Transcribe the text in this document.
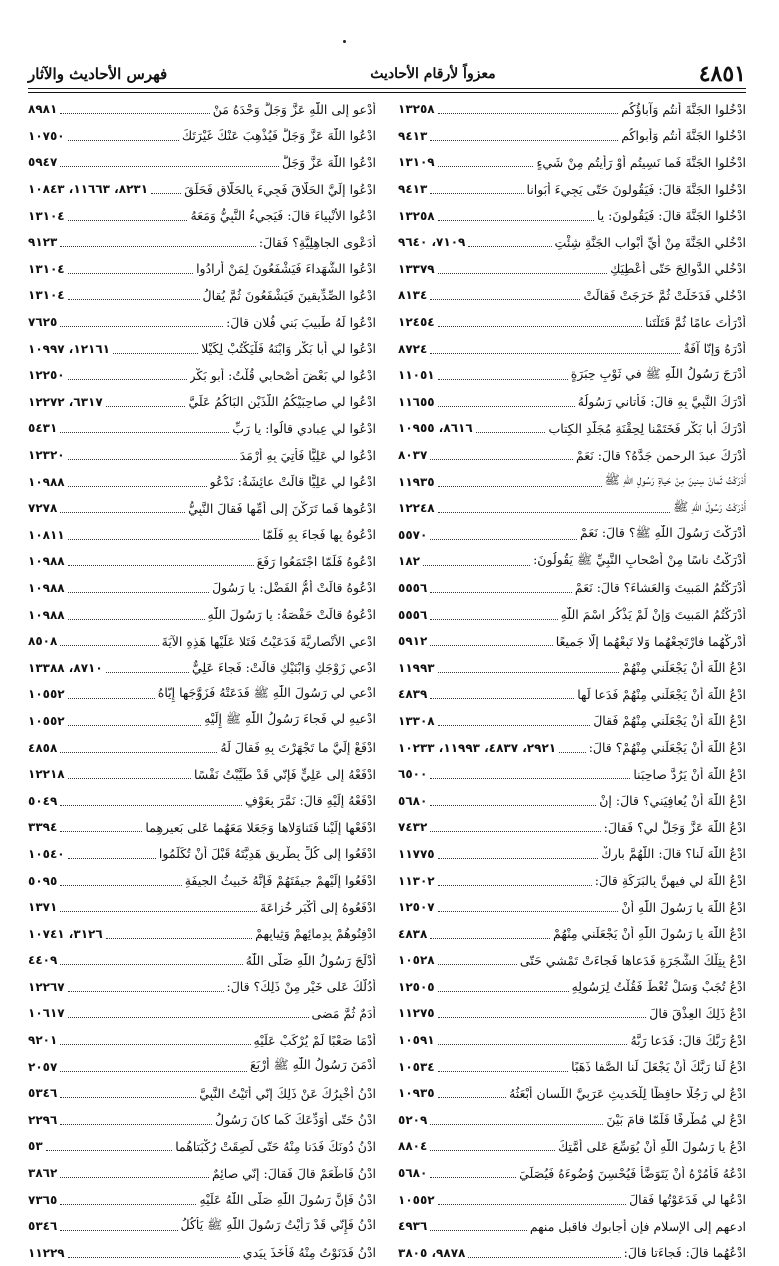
٤٨٥١
معزواً لأرقام الأحاديث
فهرس الأحاديث والآثار
ادْخُلوا الجَنَّةَ أَنتُم وَآباؤُكُم
١٣٢٥٨
ادْخُلوا الجَنَّةَ أَنتُم وَأَبواكُم
٩٤١٣
ادْخُلوا الجَنَّةَ فَما نَسِيتُم أَوْ رَأَيتُم مِنْ شَيءٍ
١٣١٠٩
ادْخُلوا الجَنَّةَ قالَ: فَيَقُولونَ حَتّى يَجِيءَ أَبَوانا
٩٤١٣
ادْخُلوا الجَنَّةَ قالَ: فَيَقُولونَ: يا
١٣٢٥٨
ادْخُلي الجَنَّةَ مِنْ أَيِّ أَبْوابِ الجَنَّةِ شِئْتِ
٧١٠٩، ٩٦٤٠
ادْخُلي الدَّوالِجَ حَتّى أُعْطِيَكِ
١٣٣٧٩
ادْخُلي فَدَخَلَتْ ثُمَّ خَرَجَتْ فَقالَتْ
٨١٣٤
أَدْرَأْتَ عامًا ثُمَّ قَتَلْتَنا
١٢٤٥٤
أَدْرَهُ وَإِنّا آفَةٌ
٨٧٢٤
أَدْرَجَ رَسُولُ اللّٰهِ ﷺ في ثَوْبِ حِبَرَةٍ
١١٠٥١
أَدْرَكَ النَّبِيَّ بِهِ قالَ: فَأَتاني رَسُولُهُ
١١٦٥٥
أَدْرَكَ أَبا بَكْرٍ فَخَتَمْنا لِحِقْنَةِ مُجَلَّدِ الكِتابِ
٨٦١٦، ١٠٩٥٥
أَدْرَكَ عبدَ الرحمن جَدَّهُ؟ قالَ: نَعَمْ
٨٠٣٧
أَدْرَكْتُ ثَمانَ سِنينَ مِنْ حَياةِ رَسُولِ اللّٰهِ ﷺ
١١٩٣٥
أَدْرَكْتُ رَسُولَ اللّٰهِ ﷺ
١٢٢٤٨
أَدْرَكْتَ رَسُولَ اللّٰهِ ﷺ؟ قالَ: نَعَمْ
٥٥٧٠
أَدْرَكْتُ ناسًا مِنْ أَصْحابِ النَّبِيِّ ﷺ يَقُولُونَ:
١٨٢
أَدْرَكْتُمُ المَبيتَ وَالعَشاءَ؟ قالَ: نَعَمْ
٥٥٥٦
أَدْرَكْتُمُ المَبيتَ وَإِنْ لَمْ يَذْكُرِ اسْمَ اللّٰهِ
٥٥٥٦
أَدْرِكْهُما فارْتَجِعْهُما وَلا تَبِعْهُما إِلّا جَميعًا
٥٩١٢
ادْعُ اللّٰهَ أَنْ يَجْعَلَني مِنْهُمْ
١١٩٩٣
ادْعُ اللّٰهَ أَنْ يَجْعَلَني مِنْهُمْ فَدَعا لَها
٤٨٣٩
ادْعُ اللّٰهَ أَنْ يَجْعَلَني مِنْهُمْ فَقالَ
١٣٣٠٨
ادْعُ اللّٰهَ أَنْ يَجْعَلَني مِنْهُمْ؟ قالَ:
٢٩٢١، ٤٨٣٧، ١١٩٩٣، ١٠٢٣٣
ادْعُ اللّٰهَ أَنْ يَرُدَّ صاحِبَنا
٦٥٠٠
ادْعُ اللّٰهَ أَنْ يُعافِيَني؟ قالَ: إِنْ
٥٦٨٠
ادْعُ اللّٰهَ عَزَّ وَجَلَّ لي؟ فَقالَ:
٧٤٣٢
ادْعُ اللّٰهَ لَنا؟ قالَ: اللَّهُمَّ بارِكْ
١١٧٧٥
ادْعُ اللّٰهَ لي فيهِنَّ بِالبَرَكَةِ قالَ:
١١٣٠٢
ادْعُ اللّٰهَ يا رَسُولَ اللّٰهِ أَنْ
١٢٥٠٧
ادْعُ اللّٰهَ يا رَسُولَ اللّٰهِ أَنْ يَجْعَلَني مِنْهُمْ
٤٨٣٨
ادْعُ بِتِلْكَ الشَّجَرَةِ فَدَعاها فَجاءَتْ تَمْشي حَتّى
١٠٥٢٨
ادْعُ تُجَبْ وَسَلْ تُعْطَ فَقُلْتُ لِرَسُولِهِ
١٢٥٠٥
ادْعُ ذَلِكَ العِذْقَ قالَ
١١٢٧٥
ادْعُ رَبَّكَ قالَ: فَدَعا رَبَّهُ
١٠٥٩١
ادْعُ لَنا رَبَّكَ أَنْ يَجْعَلَ لَنا الصَّفا ذَهَبًا
١٠٥٣٤
ادْعُ لي رَجُلًا حافِظًا لِلْحَديثِ عَرَبِيَّ اللِّسانِ أَبْعَثُهُ
١٠٩٣٥
ادْعُ لي مُطْرِفًا فَلَمّا قامَ بَيْنَ
٥٢٠٩
ادْعُ يا رَسُولَ اللّٰهِ أَنْ يُوَسِّعَ عَلى أُمَّتِكَ
٨٨٠٤
ادْعُهُ فَأْمُرْهُ أَنْ يَتَوَضَّأَ فَيُحْسِنَ وُضُوءَهُ فَيُصَلِّيَ
٥٦٨٠
ادْعُها لي فَدَعَوْتُها فَقالَ
١٠٥٥٢
ادعهم إلى الإسلام فإن أجابوك فاقبل منهم
٤٩٣٦
ادْعُهُما قالَ: فَجاءَتا قالَ:
٩٨٧٨، ٣٨٠٥
أَدْعو إلى اللّٰهِ عَزَّ وَجَلَّ وَحْدَهُ مَنْ
٨٩٨١
ادْعُوا اللّٰهَ عَزَّ وَجَلَّ فَيُذْهِبَ عَنْكَ غَيْرَتَكَ
١٠٧٥٠
ادْعُوا اللّٰهَ عَزَّ وَجَلَّ
٥٩٤٧
ادْعُوا إِلَيَّ الحَلّاقَ فَجِيءَ بِالحَلّاقِ فَحَلَقَ
٨٢٣١، ١١٦٦٣، ١٠٨٤٣
ادْعُوا الأَنْبِياءَ قالَ: فَيَجيءُ النَّبِيُّ وَمَعَهُ
١٣١٠٤
أَدَعْوى الجاهِلِيَّةِ؟ فَقالَ:
٩١٢٣
ادْعُوا الشُّهَداءَ فَيَشْفَعُونَ لِمَنْ أَرادُوا
١٣١٠٤
ادْعُوا الصِّدِّيقينَ فَيَشْفَعُونَ ثُمَّ يُقالُ
١٣١٠٤
ادْعُوا لَهُ طَبيبَ بَني فُلانٍ قالَ:
٧٦٢٥
ادْعُوا لي أَبا بَكْرٍ وَابْنَهُ فَلْيَكْتُبْ لِكَيْلا
١٢١٦١، ١٠٩٩٧
ادْعُوا لي بَعْضَ أَصْحابي قُلْتُ: أَبو بَكْرٍ
١٢٢٥٠
ادْعُوا لي صاحِبَيْكُمُ اللَّذَيْنِ البَاكُمُ عَلَيَّ
٦٣١٧، ١٢٢٧٢
ادْعُوا لي عِبادي قالُوا: يا رَبِّ
٥٤٣١
ادْعُوا لي عَلِيًّا فَأُتِيَ بِهِ أَرْمَدَ
١٢٣٢٠
ادْعُوا لي عَلِيًّا قالَتْ عائِشَةُ: نَدْعُو
١٠٩٨٨
ادْعُوها فَما تَرَكْنَ إِلى أُمِّها فَقالَ النَّبِيُّ
٧٢٧٨
ادْعُوهُ بِها فَجاءَ بِهِ فَلَمّا
١٠٨١١
ادْعُوهُ فَلَمّا اجْتَمَعُوا رَفَعَ
١٠٩٨٨
ادْعُوهُ قالَتْ أُمُّ الفَضْلِ: يا رَسُولَ
١٠٩٨٨
ادْعُوهُ قالَتْ حَفْصَةُ: يا رَسُولَ اللّٰهِ
١٠٩٨٨
ادْعي الأَنْصارِيَّةَ فَدَعَيْتُ فَتَلا عَلَيْها هَذِهِ الآيَةَ
٨٥٠٨
ادْعي زَوْجَكِ وَابْنَيْكِ قالَتْ: فَجاءَ عَلِيٌّ
٨٧١٠، ١٣٣٨٨
ادْعي لي رَسُولَ اللّٰهِ ﷺ فَدَعَتْهُ فَزَوَّجَها إِيّاهُ
١٠٥٥٢
ادْعيهِ لي فَجاءَ رَسُولُ اللّٰهِ ﷺ إِلَيْهِ
١٠٥٥٢
ادْفَعْ إِلَيَّ ما تَجْهَرْتَ بِهِ فَقالَ لَهُ
٤٨٥٨
ادْفَعْهُ إِلى عَلِيٍّ فَإِنّي قَدْ طَيَّبْتُ نَفْسًا
١٢٢١٨
ادْفَعْهُ إِلَيْهِ قالَ: نَمَّرَ بِعَوْفٍ
٥٠٤٩
ادْفَعْها إِلَيْنا فَتَناوَلاها وَجَعَلا مَعَهُما عَلى بَعيرِهِما
٣٣٩٤
ادْفَعُوا إِلى كُلِّ بِطْرِيقٍ هَدِيَّتَهُ قَبْلَ أَنْ تُكَلِّمُوا
١٠٥٤٠
ادْفَعُوا إِلَيْهِمْ جيفَتَهُمْ فَإِنَّهُ خَبيثُ الجيفَةِ
٥٠٩٥
ادْفَعُوهُ إِلى أَكْبَرِ خُزاعَةَ
١٣٧١
ادْفِنُوهُمْ بِدِمائِهِمْ وَثِيابِهِمْ
٣١٢٦، ١٠٧٤١
أَدْلَجَ رَسُولُ اللّٰهِ صَلّى اللّٰهُ
٤٤٠٩
أَدُلُّكَ عَلى خَيْرٍ مِنْ ذَلِكَ؟ قالَ:
١٢٢٦٧
أَدَمٌ ثُمَّ مَضى
١٠٦١٧
أَدْمَا صَعْبًا لَمْ يُرْكَبْ عَلَيْهِ
٩٢٠١
أَدْمَنَ رَسُولُ اللّٰهِ ﷺ أَرْبَعَ
٢٠٥٧
ادْنُ أُخْبِرُكَ عَنْ ذَلِكَ إِنّي أَتَيْتُ النَّبِيَّ
٥٣٤٦
ادْنُ حَتّى أُوَدِّعَكَ كَما كانَ رَسُولُ
٢٢٩٦
ادْنُ دُونَكَ فَدَنا مِنْهُ حَتّى لَصِقَتْ رُكْبَتاهُما
٥٣
ادْنُ فَاطْعَمْ قالَ فَقالَ: إِنّي صائِمٌ
٣٨٦٢
ادْنُ فَإِنَّ رَسُولَ اللّٰهِ صَلّى اللّٰهُ عَلَيْهِ
٧٣٦٥
ادْنُ فَإِنّي قَدْ رَأَيْتُ رَسُولَ اللّٰهِ ﷺ يَأْكُلُ
٥٣٤٦
ادْنُ فَدَنَوْتُ مِنْهُ فَأَخَذَ بِيَدي
١١٢٢٩
